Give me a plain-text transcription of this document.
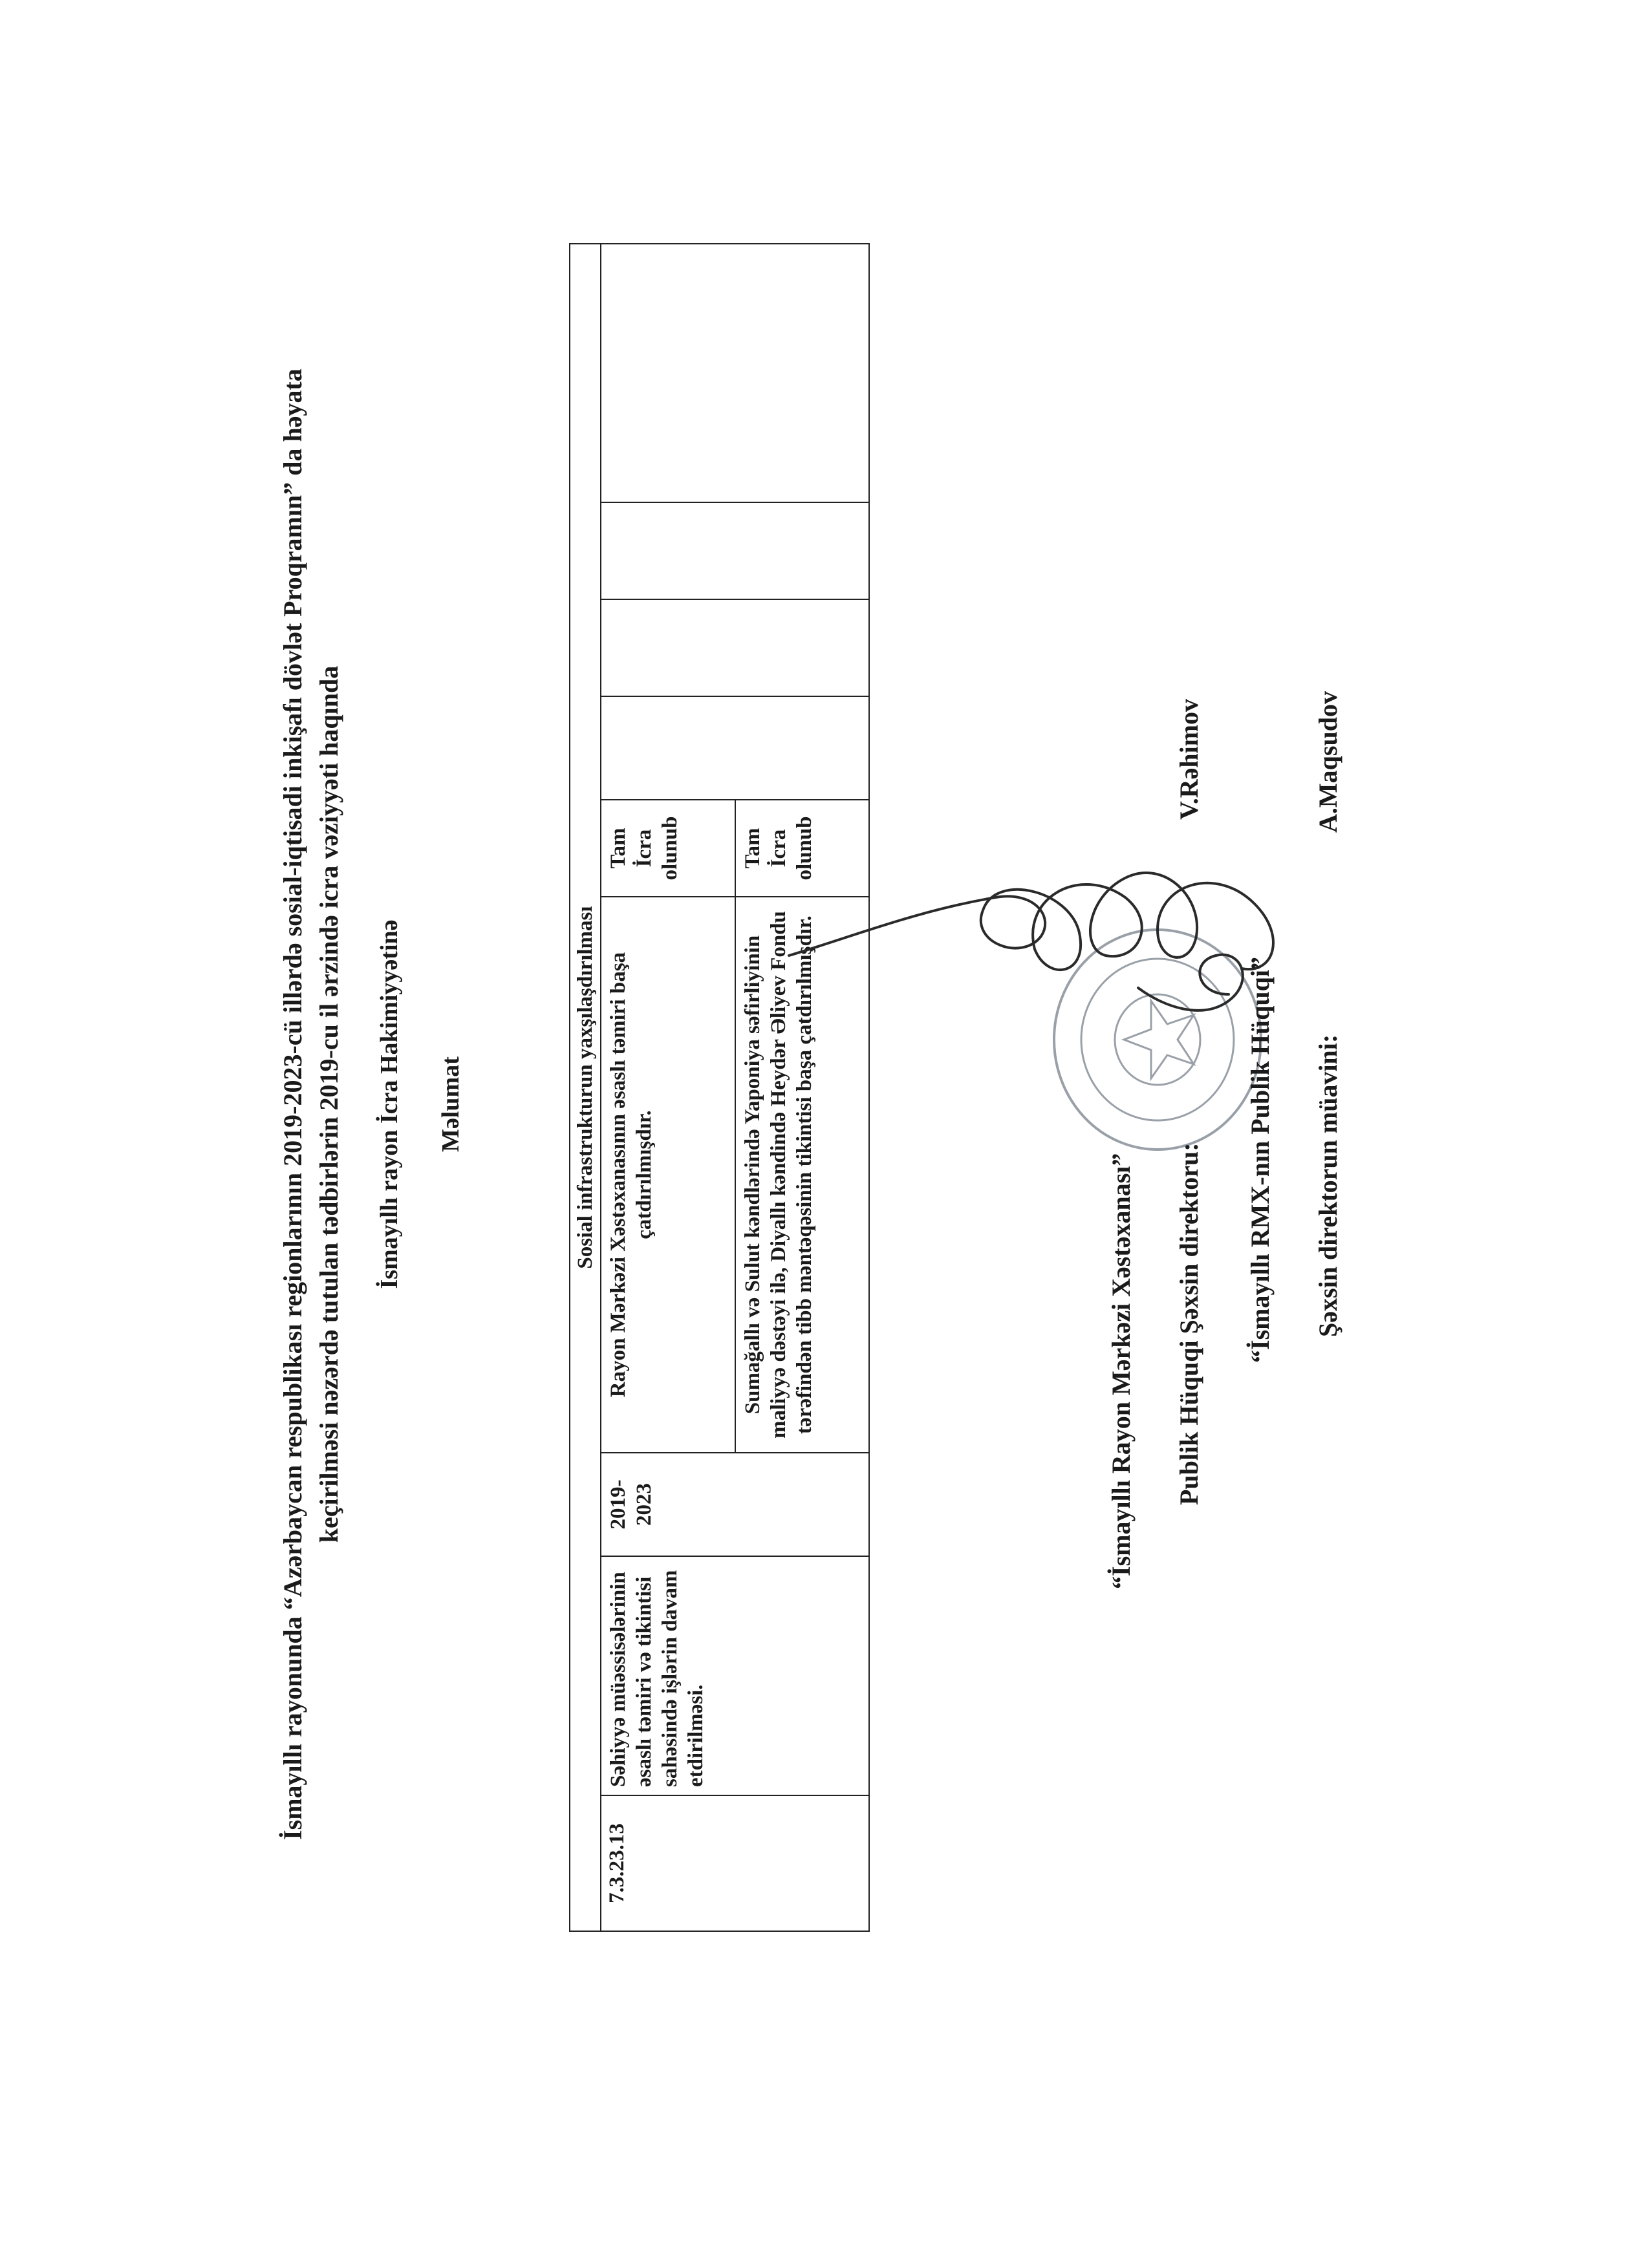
İsmayıllı rayonunda “Azərbaycan respublikası regionlarının 2019-2023-cü illərdə sosial-iqtisadi inkişafı dövlət Proqramın” da həyata keçirilməsi nəzərdə tutulan tədbirlərin 2019-cu il ərzində icra vəziyyəti haqında İsmayıllı rayon İcra Hakimiyyətinə Məlumat	Sosial infrastrukturun yaxşılaşdırılması								
7.3.23.13	Səhiyyə müəssisələrinin əsaslı təmiri və tikintisi sahəsində işlərin davam etdirilməsi.	2019-2023	Rayon Mərkəzi Xəstəxanasının əsaslı təmiri başa çatdırılmışdır.	Tam İcra olunub				
			Sumağallı və Sulut kəndlərində Yaponiya səfirliyinin maliyyə dəstəyi ilə, Diyallı kəndində Heydər Əliyev Fondu tərəfindən tibb məntəqəsinin tikintisi başa çatdırılmışdır.	Tam İcra olunub				
“İsmayıllı Rayon Mərkəzi Xəstəxanası” Publik Hüquqi Şəxsin direktoru:
V.Rəhimov
“İsmayıllı RMX-nın Publik Hüquqi” Şəxsin direktorun müavini:
A.Maqsudov
